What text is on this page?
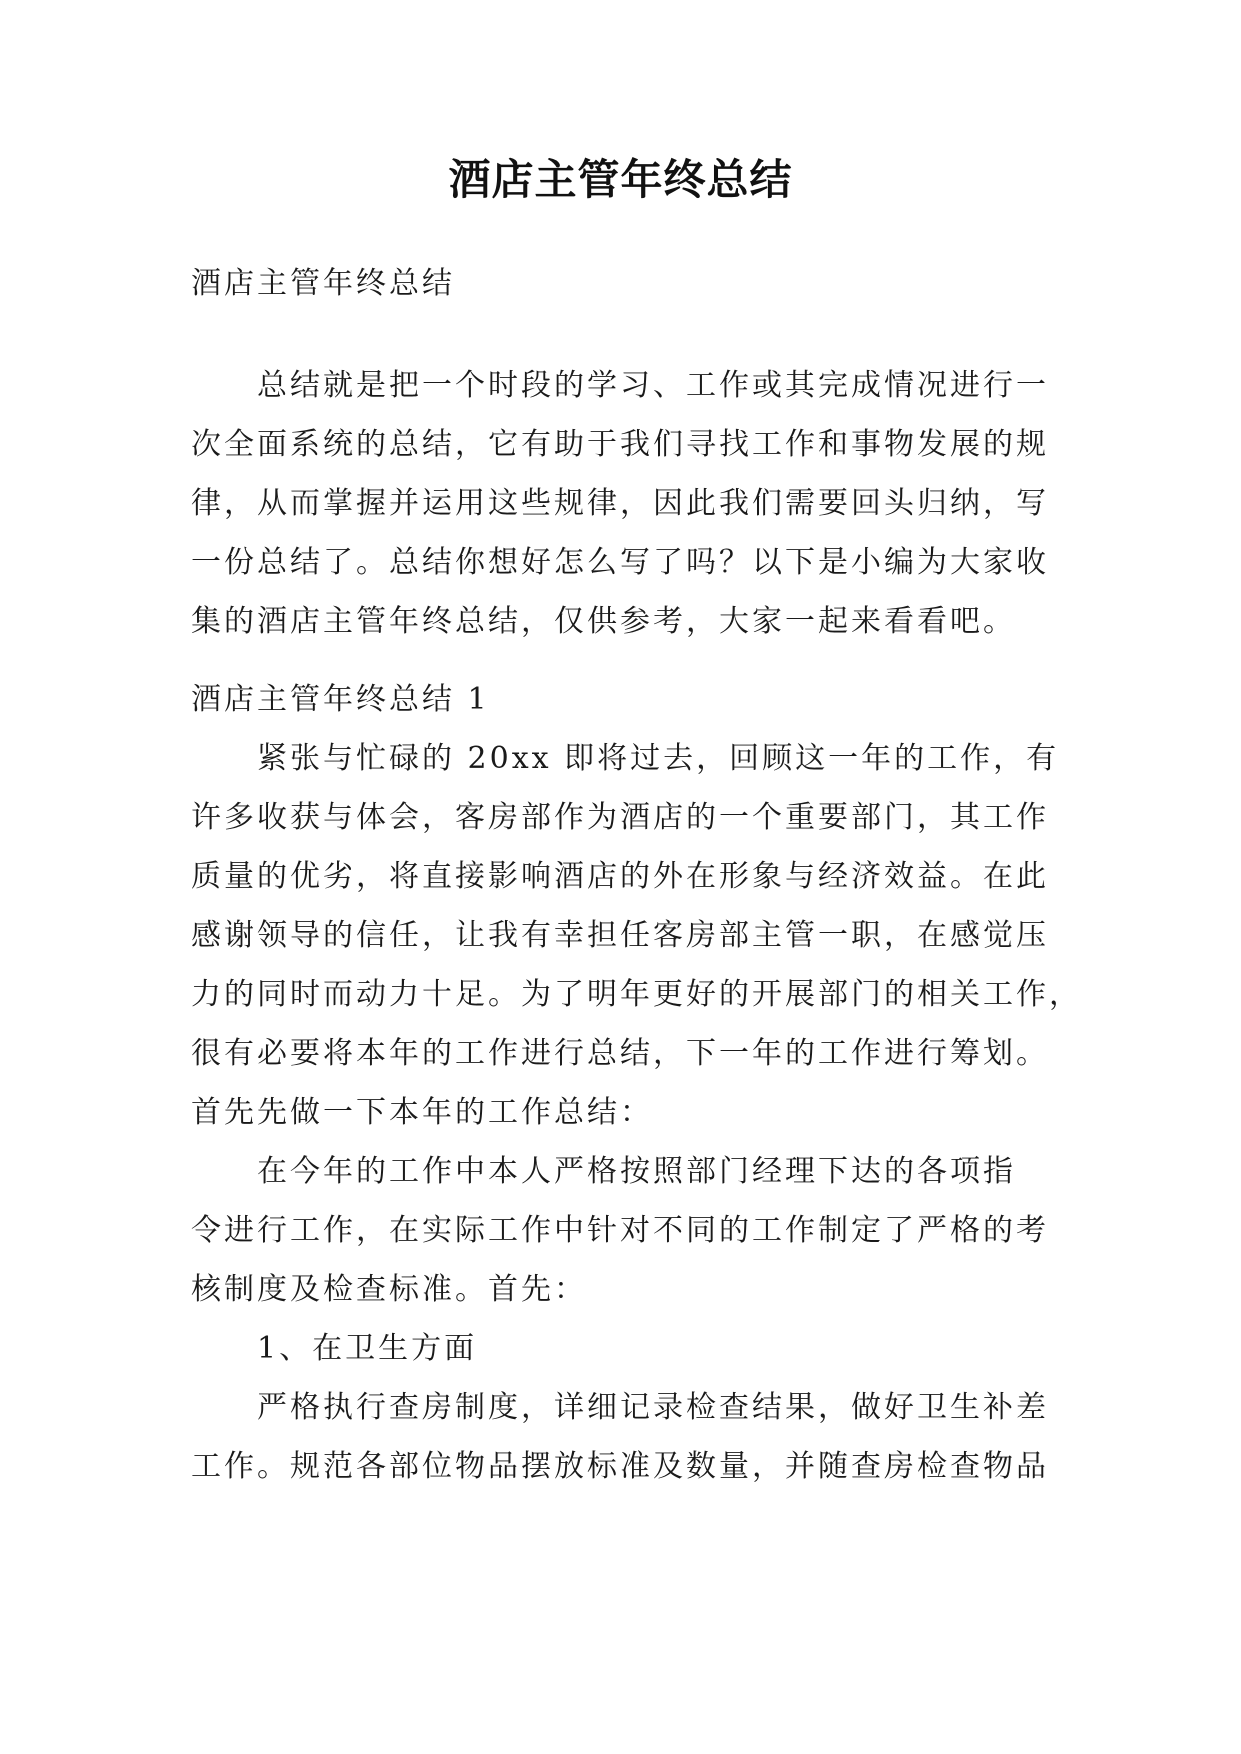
酒店主管年终总结
酒店主管年终总结
总结就是把一个时段的学习、工作或其完成情况进行一
次全面系统的总结，它有助于我们寻找工作和事物发展的规
律，从而掌握并运用这些规律，因此我们需要回头归纳，写
一份总结了。总结你想好怎么写了吗？以下是小编为大家收
集的酒店主管年终总结，仅供参考，大家一起来看看吧。
酒店主管年终总结 1
紧张与忙碌的 20xx 即将过去，回顾这一年的工作，有
许多收获与体会，客房部作为酒店的一个重要部门，其工作
质量的优劣，将直接影响酒店的外在形象与经济效益。在此
感谢领导的信任，让我有幸担任客房部主管一职，在感觉压
力的同时而动力十足。为了明年更好的开展部门的相关工作，
很有必要将本年的工作进行总结，下一年的工作进行筹划。
首先先做一下本年的工作总结：
在今年的工作中本人严格按照部门经理下达的各项指
令进行工作，在实际工作中针对不同的工作制定了严格的考
核制度及检查标准。首先：
1、在卫生方面
严格执行查房制度，详细记录检查结果，做好卫生补差
工作。规范各部位物品摆放标准及数量，并随查房检查物品
